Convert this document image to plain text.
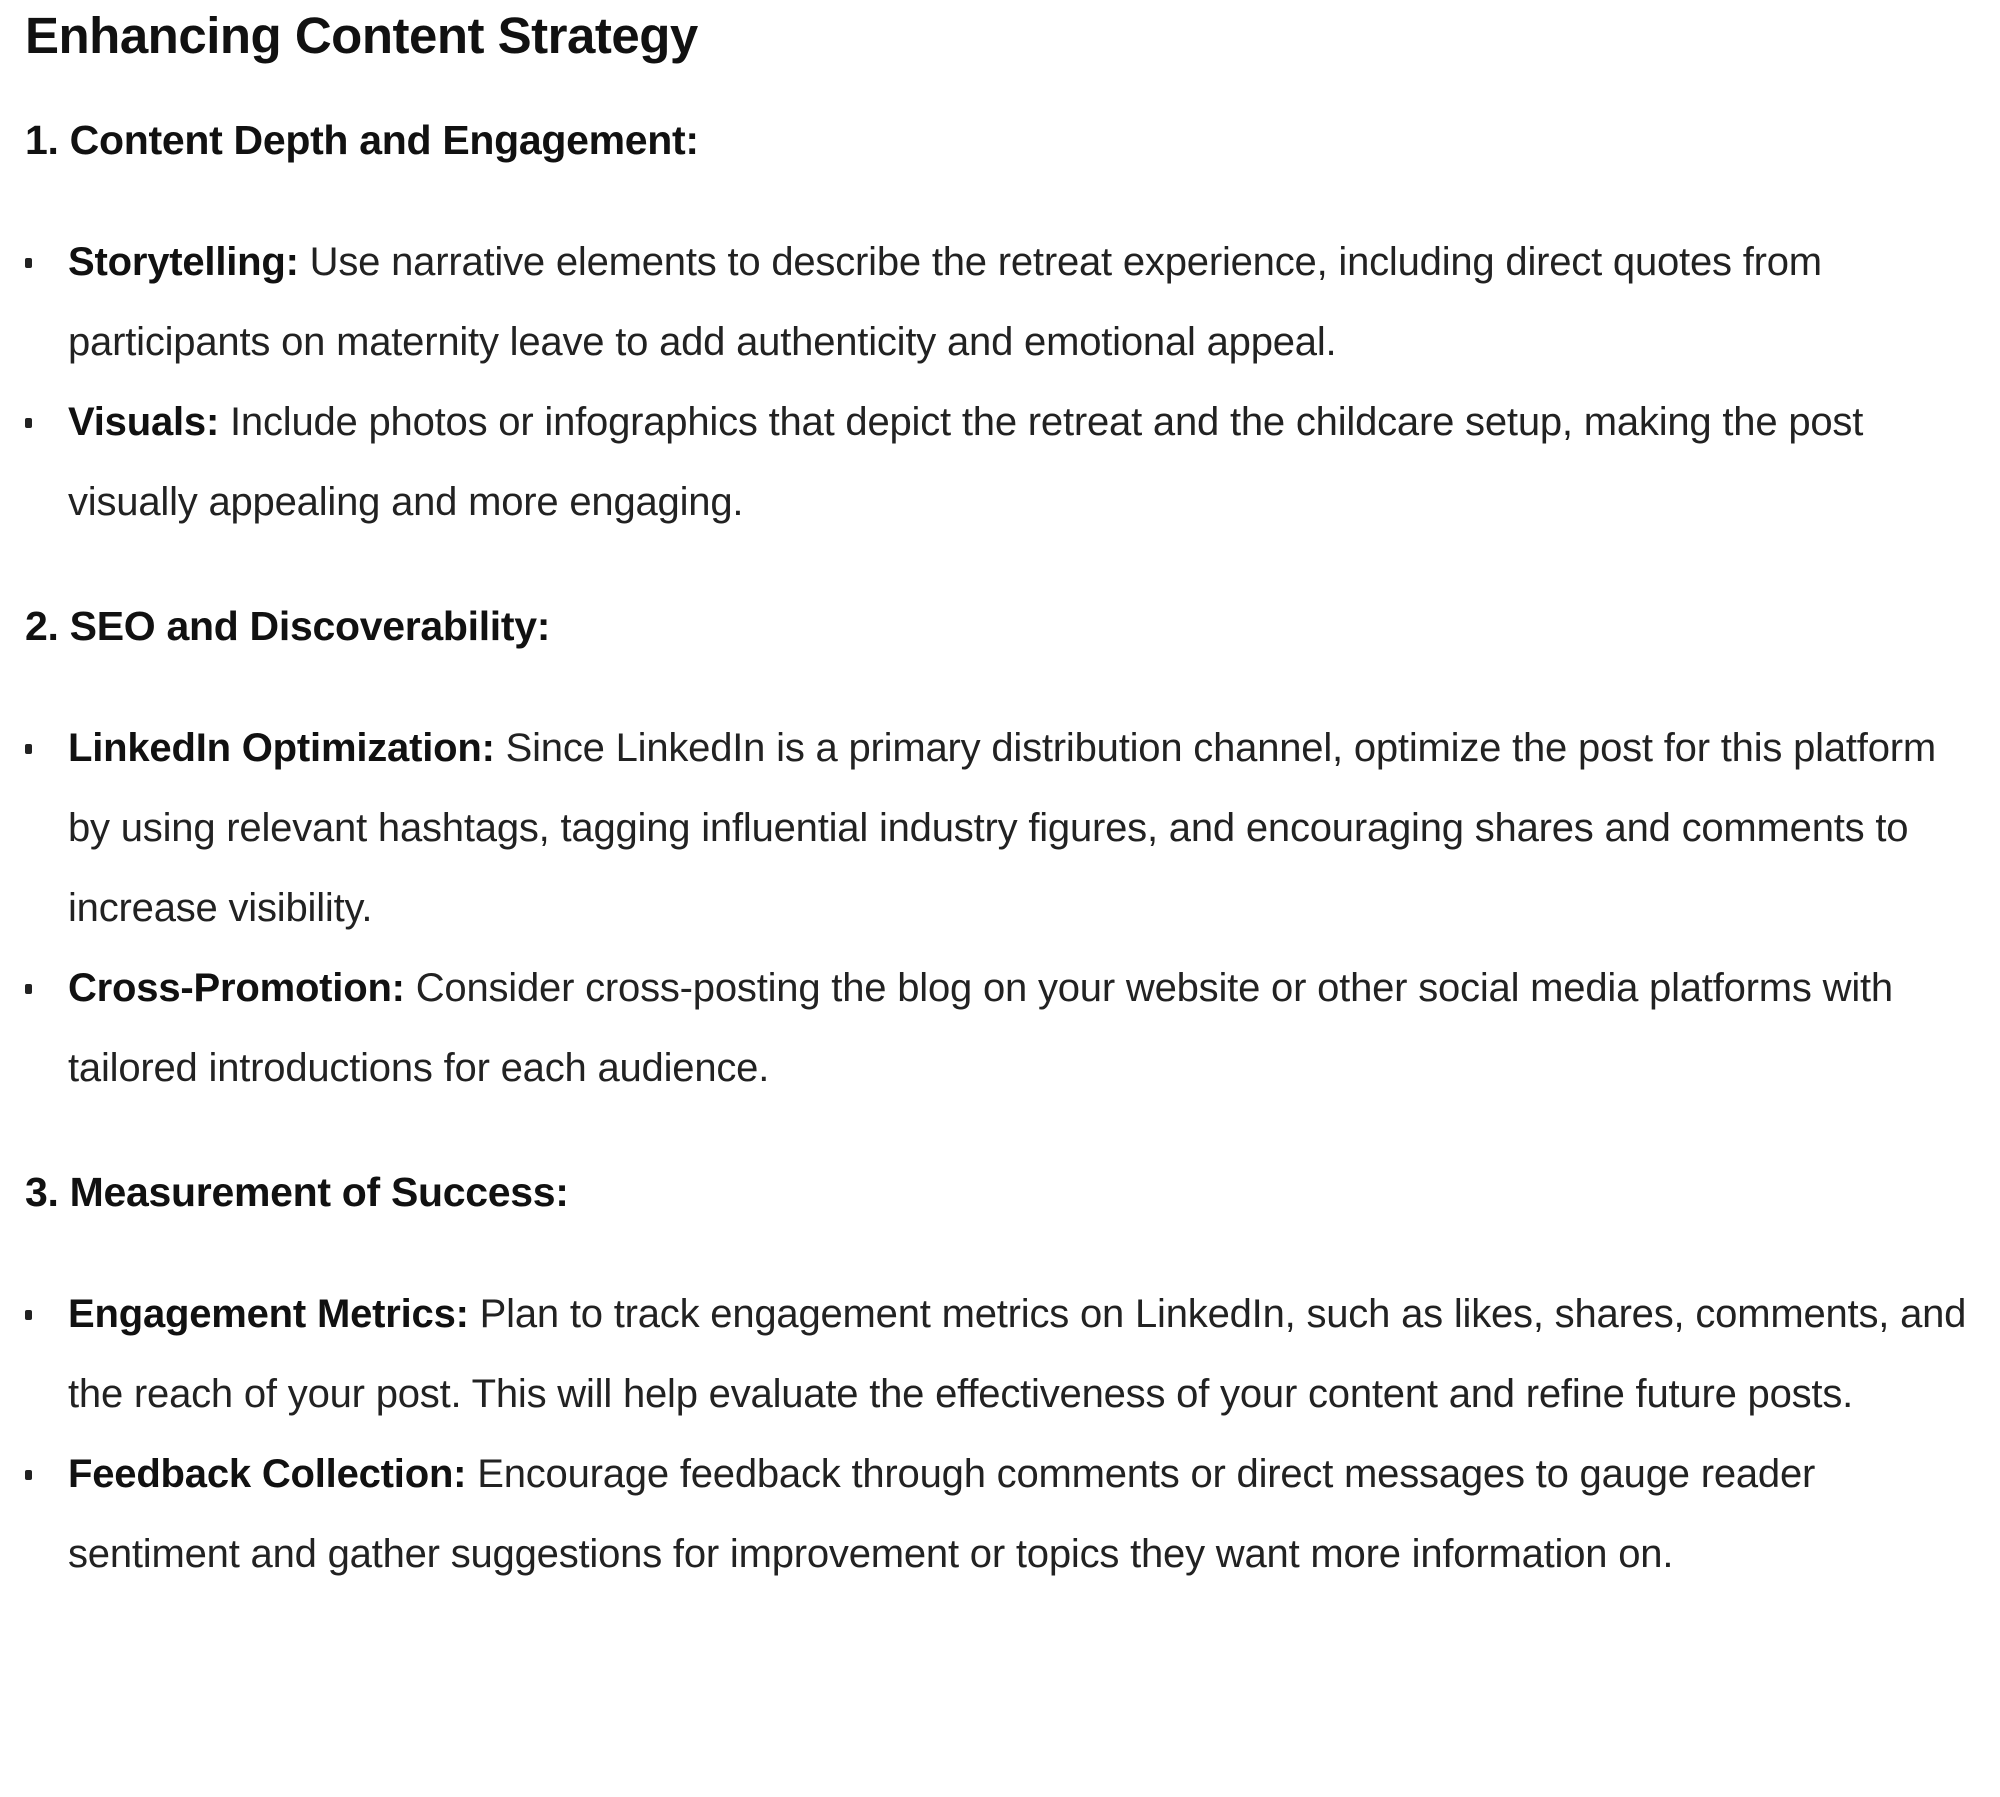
Enhancing Content Strategy
1. Content Depth and Engagement:
Storytelling: Use narrative elements to describe the retreat experience, including direct quotes from participants on maternity leave to add authenticity and emotional appeal.
Visuals: Include photos or infographics that depict the retreat and the childcare setup, making the post visually appealing and more engaging.
2. SEO and Discoverability:
LinkedIn Optimization: Since LinkedIn is a primary distribution channel, optimize the post for this platform by using relevant hashtags, tagging influential industry figures, and encouraging shares and comments to increase visibility.
Cross-Promotion: Consider cross-posting the blog on your website or other social media platforms with tailored introductions for each audience.
3. Measurement of Success:
Engagement Metrics: Plan to track engagement metrics on LinkedIn, such as likes, shares, comments, and the reach of your post. This will help evaluate the effectiveness of your content and refine future posts.
Feedback Collection: Encourage feedback through comments or direct messages to gauge reader sentiment and gather suggestions for improvement or topics they want more information on.
